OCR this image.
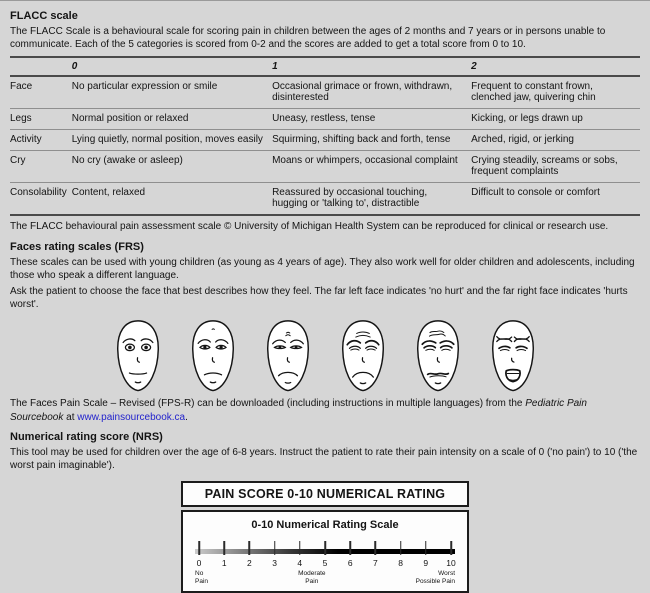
FLACC scale

The FLACC Scale is a behavioural scale for scoring pain in children between the ages of 2 months and 7 years or in persons unable to communicate. Each of the 5 categories is scored from 0-2 and the scores are added to get a total score from 0 to 10.

	0	1	2
Face	No particular expression or smile	Occasional grimace or frown, withdrawn, disinterested	Frequent to constant frown, clenched jaw, quivering chin
Legs	Normal position or relaxed	Uneasy, restless, tense	Kicking, or legs drawn up
Activity	Lying quietly, normal position, moves easily	Squirming, shifting back and forth, tense	Arched, rigid, or jerking
Cry	No cry (awake or asleep)	Moans or whimpers, occasional complaint	Crying steadily, screams or sobs, frequent complaints
Consolability	Content, relaxed	Reassured by occasional touching, hugging or 'talking to', distractible	Difficult to console or comfort

The FLACC behavioural pain assessment scale © University of Michigan Health System can be reproduced for clinical or research use.

Faces rating scales (FRS)

These scales can be used with young children (as young as 4 years of age). They also work well for older children and adolescents, including those who speak a different language.

Ask the patient to choose the face that best describes how they feel. The far left face indicates 'no hurt' and the far right face indicates 'hurts worst'.

The Faces Pain Scale – Revised (FPS-R) can be downloaded (including instructions in multiple languages) from the Pediatric Pain Sourcebook at www.painsourcebook.ca.

Numerical rating score (NRS)

This tool may be used for children over the age of 6-8 years. Instruct the patient to rate their pain intensity on a scale of 0 ('no pain') to 10 ('the worst pain imaginable').

PAIN SCORE 0-10 NUMERICAL RATING
0-10 Numerical Rating Scale
0 1 2 3 4 5 6 7 8 9 10
No
Pain
Moderate
Pain
Worst
Possible Pain
